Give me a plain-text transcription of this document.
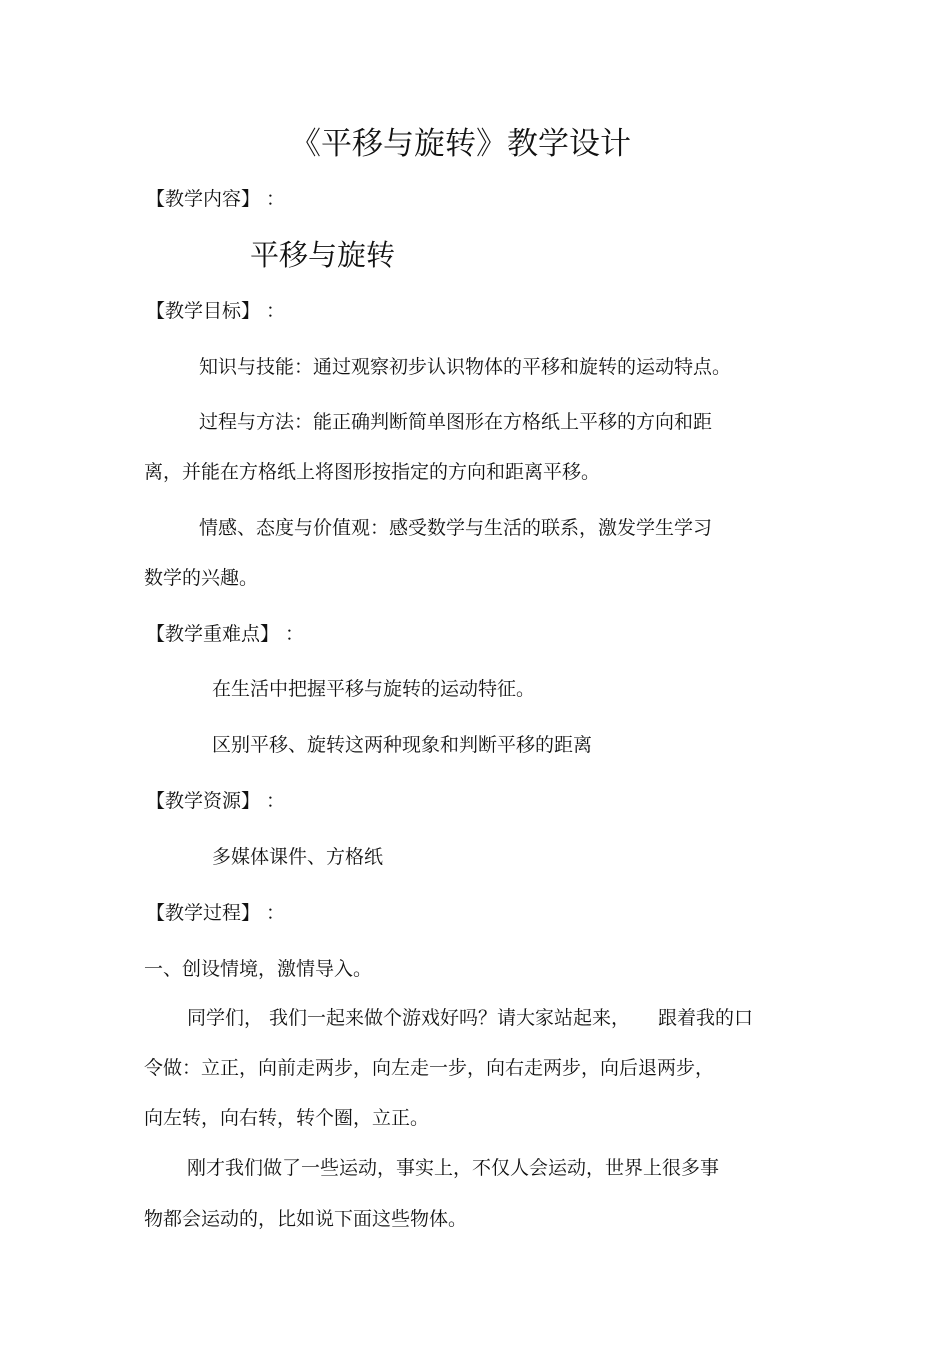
《平移与旋转》教学设计
【教学内容】 ：
平移与旋转
【教学目标】 ：
知识与技能：通过观察初步认识物体的平移和旋转的运动特点。
过程与方法：能正确判断简单图形在方格纸上平移的方向和距
离，并能在方格纸上将图形按指定的方向和距离平移。
情感、态度与价值观：感受数学与生活的联系，激发学生学习
数学的兴趣。
【教学重难点】 ：
在生活中把握平移与旋转的运动特征。
区别平移、旋转这两种现象和判断平移的距离
【教学资源】 ：
多媒体课件、方格纸
【教学过程】 ：
一、创设情境，激情导入。
同学们， 我们一起来做个游戏好吗？请大家站起来， 跟着我的口
令做：立正，向前走两步，向左走一步，向右走两步，向后退两步，
向左转，向右转，转个圈，立正。
刚才我们做了一些运动，事实上，不仅人会运动，世界上很多事
物都会运动的，比如说下面这些物体。
